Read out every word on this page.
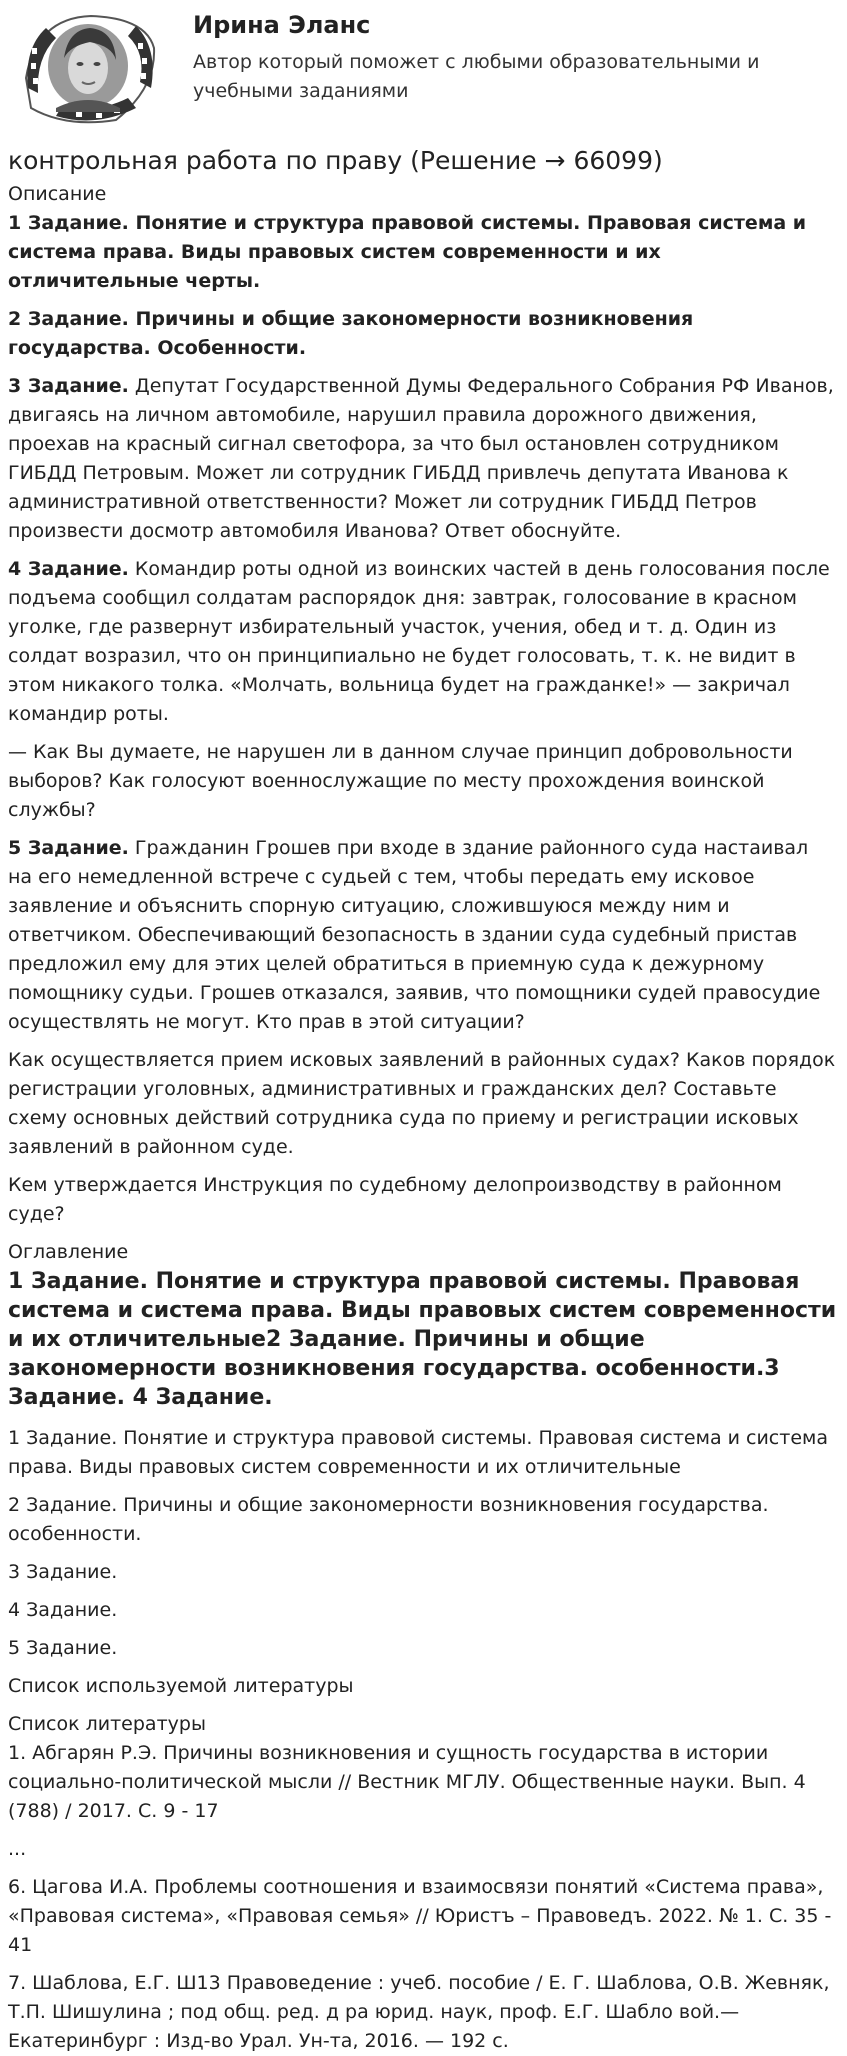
Ирина Эланс
Автор который поможет с любыми образовательными и учебными заданиями
контрольная работа по праву (Решение → 66099)
Описание

1 Задание. Понятие и структура правовой системы. Правовая система и система права. Виды правовых систем современности и их отличительные черты.

2 Задание. Причины и общие закономерности возникновения государства. Особенности.

3 Задание. Депутат Государственной Думы Федерального Собрания РФ Иванов, двигаясь на личном автомобиле, нарушил правила дорожного движения, проехав на красный сигнал светофора, за что был остановлен сотрудником ГИБДД Петровым. Может ли сотрудник ГИБДД привлечь депутата Иванова к административной ответственности? Может ли сотрудник ГИБДД Петров произвести досмотр автомобиля Иванова? Ответ обоснуйте.

4 Задание. Командир роты одной из воинских частей в день голосования после подъема сообщил солдатам распорядок дня: завтрак, голосование в красном уголке, где развернут избирательный участок, учения, обед и т. д. Один из солдат возразил, что он принципиально не будет голосовать, т. к. не видит в этом никакого толка. «Молчать, вольница будет на гражданке!» — закричал командир роты.

— Как Вы думаете, не нарушен ли в данном случае принцип добровольности выборов? Как голосуют военнослужащие по месту прохождения воинской службы?

5 Задание. Гражданин Грошев при входе в здание районного суда настаивал на его немедленной встрече с судьей с тем, чтобы передать ему исковое заявление и объяснить спорную ситуацию, сложившуюся между ним и ответчиком. Обеспечивающий безопасность в здании суда судебный пристав предложил ему для этих целей обратиться в приемную суда к дежурному помощнику судьи. Грошев отказался, заявив, что помощники судей правосудие осуществлять не могут. Кто прав в этой ситуации?

Как осуществляется прием исковых заявлений в районных судах? Каков порядок регистрации уголовных, административных и гражданских дел? Составьте схему основных действий сотрудника суда по приему и регистрации исковых заявлений в районном суде.

Кем утверждается Инструкция по судебному делопроизводству в районном суде?

Оглавление
1 Задание. Понятие и структура правовой системы. Правовая система и система права. Виды правовых систем современности и их отличительные2 Задание. Причины и общие закономерности возникновения государства. особенности.3 Задание. 4 Задание.

1 Задание. Понятие и структура правовой системы. Правовая система и система права. Виды правовых систем современности и их отличительные

2 Задание. Причины и общие закономерности возникновения государства. особенности.

3 Задание.

4 Задание.

5 Задание.

Список используемой литературы

Список литературы

1. Абгарян Р.Э. Причины возникновения и сущность государства в истории социально-политической мысли // Вестник МГЛУ. Общественные науки. Вып. 4 (788) / 2017. С. 9 - 17

...

6. Цагова И.А. Проблемы соотношения и взаимосвязи понятий «Система права», «Правовая система», «Правовая семья» // Юристъ – Правоведъ. 2022. № 1. С. 35 - 41

7. Шаблова, Е.Г. Ш13 Правоведение : учеб. пособие / Е. Г. Шаблова, О.В. Жевняк, Т.П. Шишулина ; под общ. ред. д ра юрид. наук, проф. Е.Г. Шабло вой.— Екатеринбург : Изд-во Урал. Ун-та, 2016. — 192 с.
